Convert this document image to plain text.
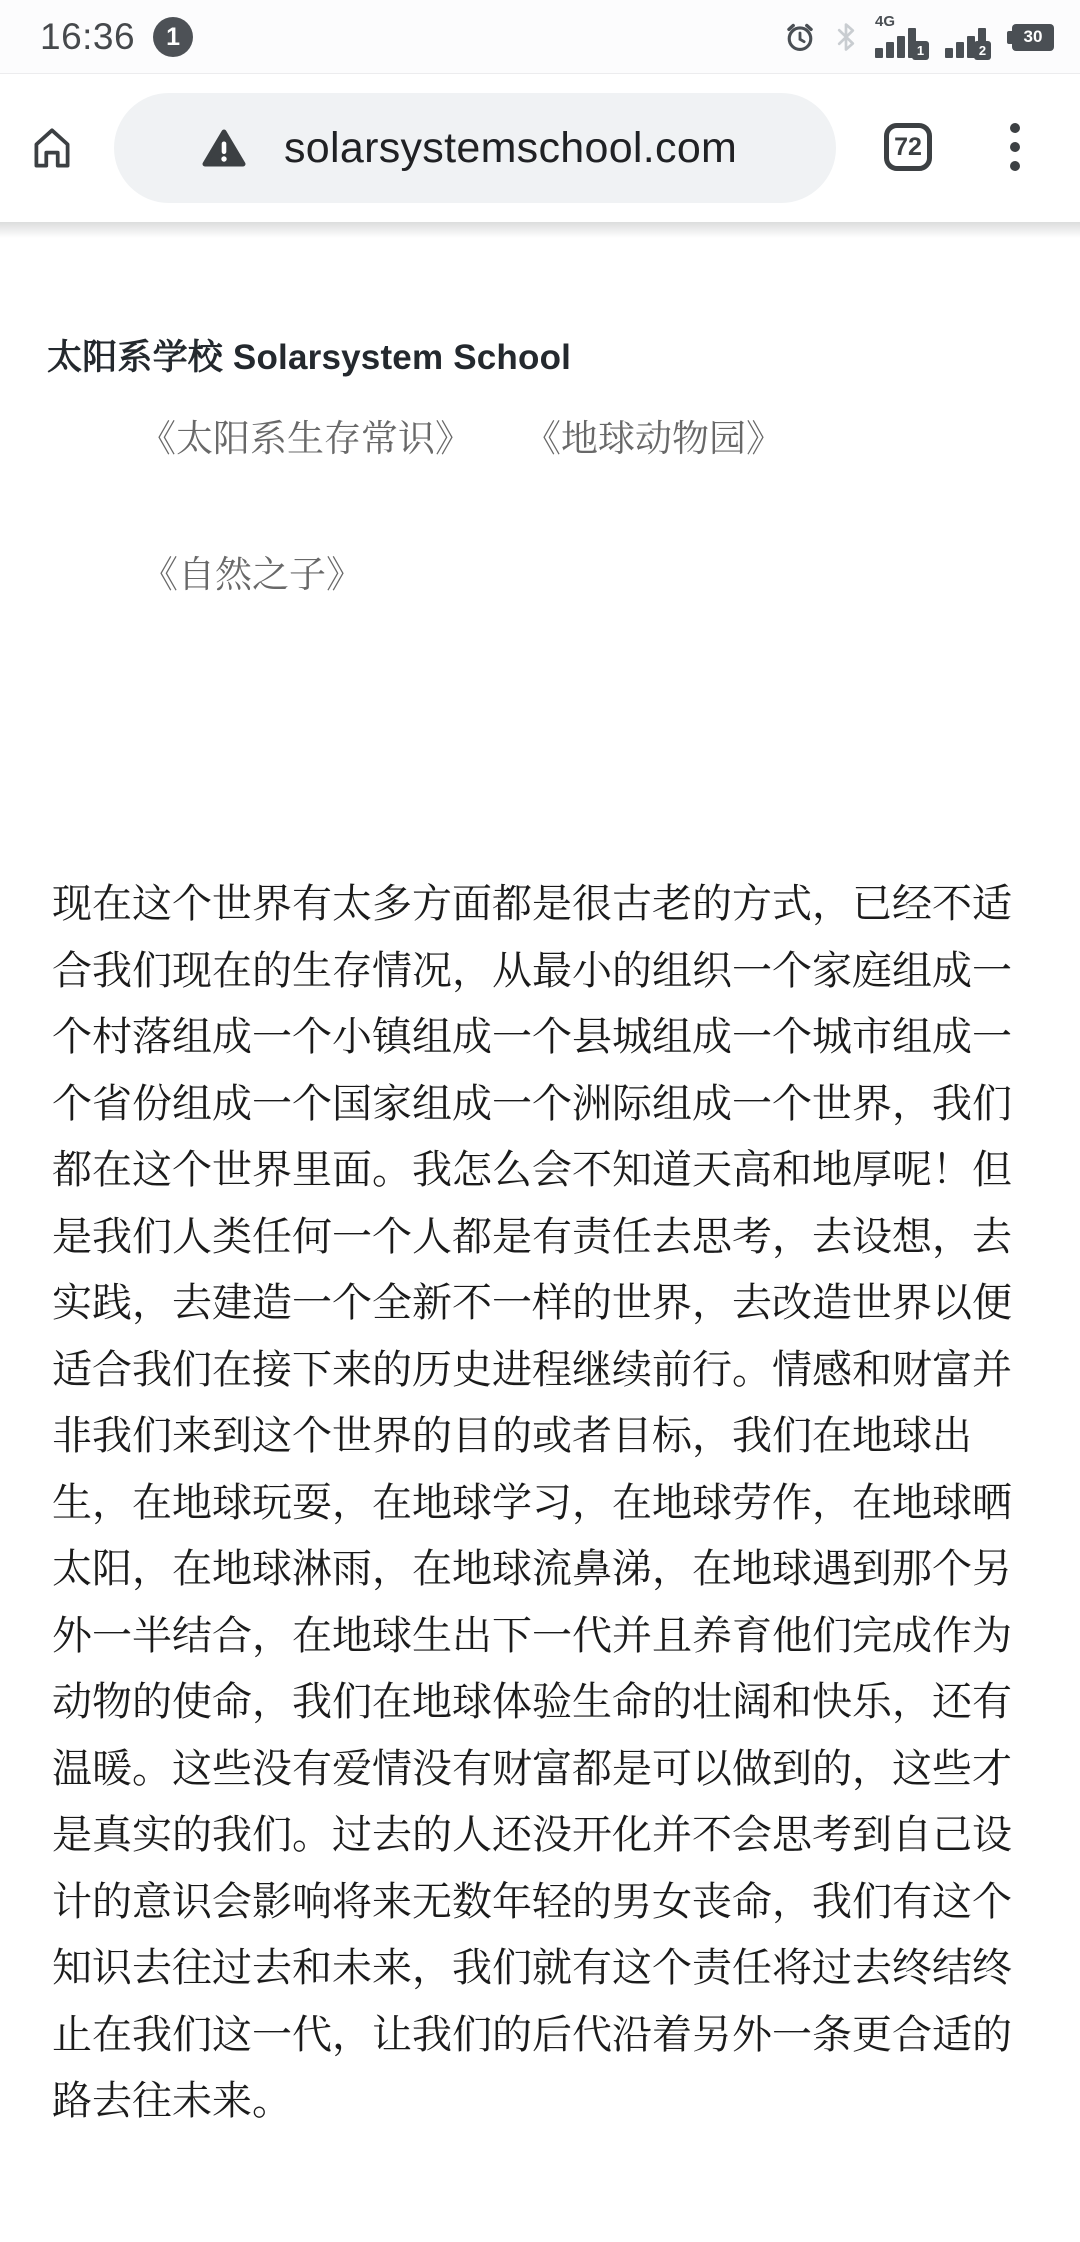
16:36	1
4G
1	2
30
solarsystemschool.com	72
太阳系学校 Solarsystem School
《太阳系生存常识》 《地球动物园》
《自然之子》
现在这个世界有太多方面都是很古老的方式，已经不适合我们现在的生存情况，从最小的组织一个家庭组成一个村落组成一个小镇组成一个县城组成一个城市组成一个省份组成一个国家组成一个洲际组成一个世界，我们都在这个世界里面。我怎么会不知道天高和地厚呢！但是我们人类任何一个人都是有责任去思考，去设想，去实践，去建造一个全新不一样的世界，去改造世界以便适合我们在接下来的历史进程继续前行。情感和财富并非我们来到这个世界的目的或者目标，我们在地球出生，在地球玩耍，在地球学习，在地球劳作，在地球晒太阳，在地球淋雨，在地球流鼻涕，在地球遇到那个另外一半结合，在地球生出下一代并且养育他们完成作为动物的使命，我们在地球体验生命的壮阔和快乐，还有温暖。这些没有爱情没有财富都是可以做到的，这些才是真实的我们。过去的人还没开化并不会思考到自己设计的意识会影响将来无数年轻的男女丧命，我们有这个知识去往过去和未来，我们就有这个责任将过去终结终止在我们这一代，让我们的后代沿着另外一条更合适的路去往未来。
